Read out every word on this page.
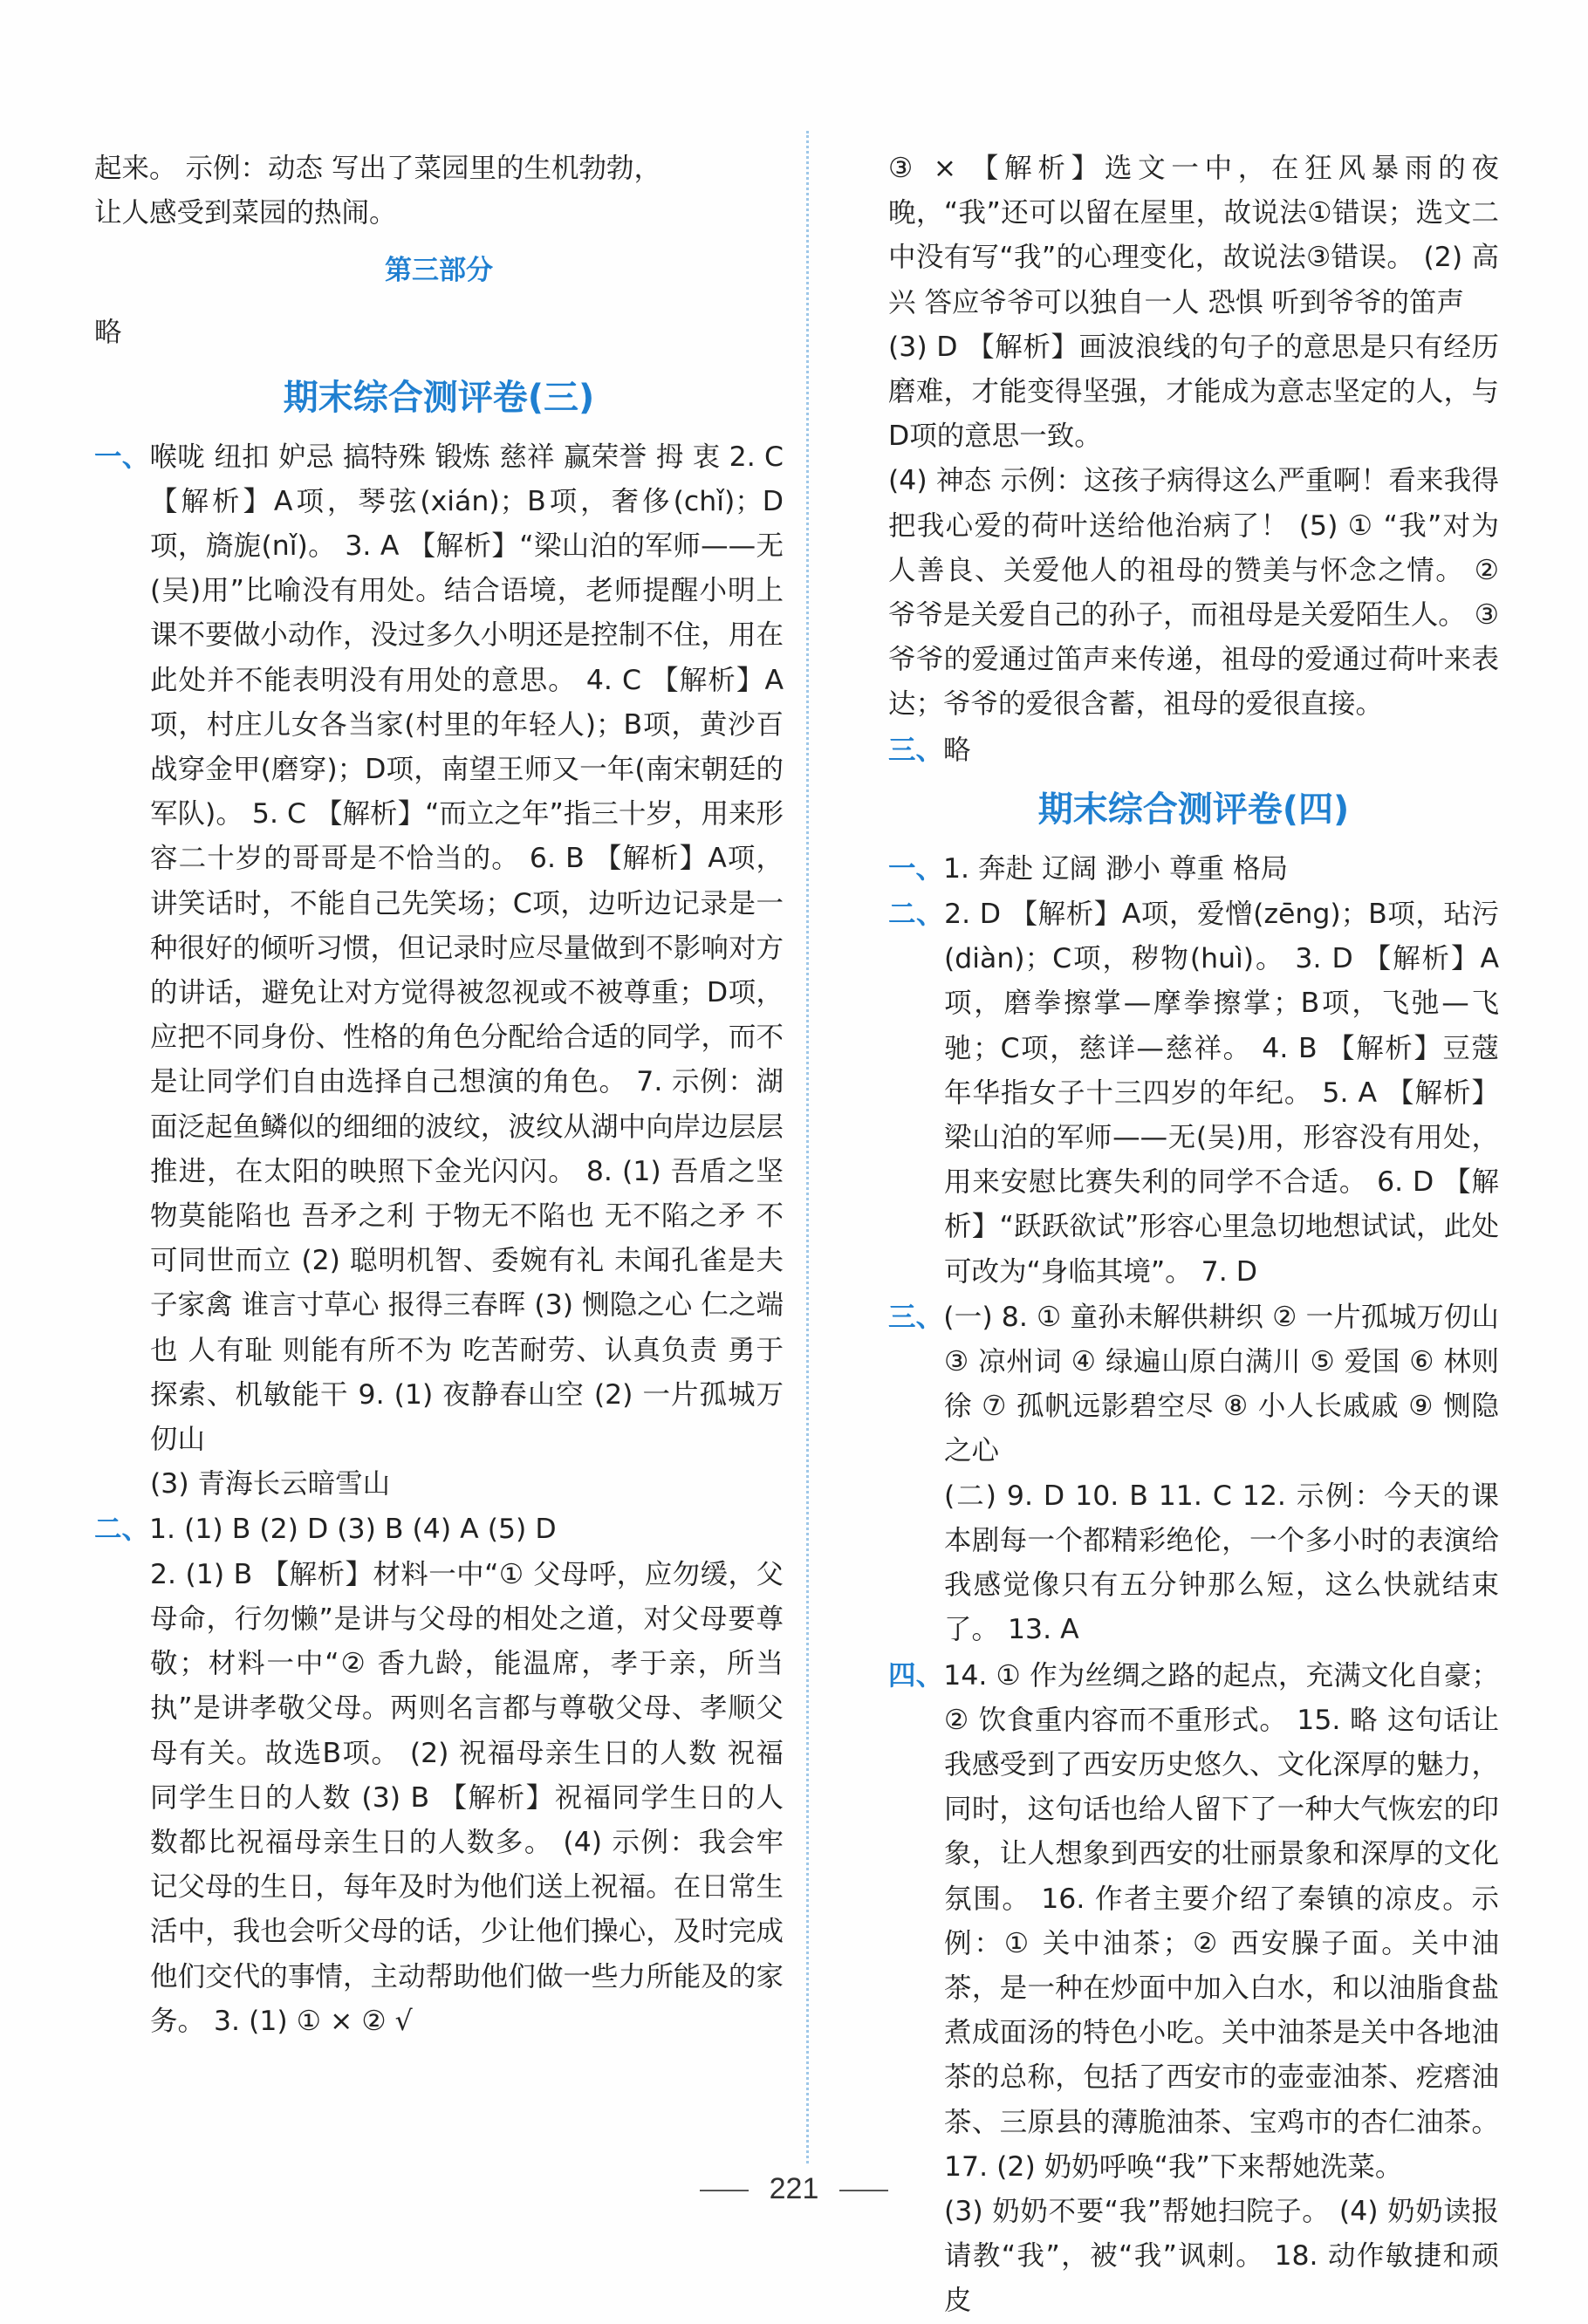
起来。 示例：动态 写出了菜园里的生机勃勃，

让人感受到菜园的热闹。

第三部分

略

期末综合测评卷(三)

一、喉咙 纽扣 妒忌 搞特殊 锻炼 慈祥 赢荣誉 拇 衷 2. C 【解析】A项，琴弦(xián)；B项，奢侈(chǐ)；D项，旖旎(nǐ)。 3. A 【解析】“梁山泊的军师——无(吴)用”比喻没有用处。结合语境，老师提醒小明上课不要做小动作，没过多久小明还是控制不住，用在此处并不能表明没有用处的意思。 4. C 【解析】A项，村庄儿女各当家(村里的年轻人)；B项，黄沙百战穿金甲(磨穿)；D项，南望王师又一年(南宋朝廷的军队)。 5. C 【解析】“而立之年”指三十岁，用来形容二十岁的哥哥是不恰当的。 6. B 【解析】A项，讲笑话时，不能自己先笑场；C项，边听边记录是一种很好的倾听习惯，但记录时应尽量做到不影响对方的讲话，避免让对方觉得被忽视或不被尊重；D项，应把不同身份、性格的角色分配给合适的同学，而不是让同学们自由选择自己想演的角色。 7. 示例：湖面泛起鱼鳞似的细细的波纹，波纹从湖中向岸边层层推进，在太阳的映照下金光闪闪。 8. (1) 吾盾之坚 物莫能陷也 吾矛之利 于物无不陷也 无不陷之矛 不可同世而立 (2) 聪明机智、委婉有礼 未闻孔雀是夫子家禽 谁言寸草心 报得三春晖 (3) 恻隐之心 仁之端也 人有耻 则能有所不为 吃苦耐劳、认真负责 勇于探索、机敏能干 9. (1) 夜静春山空 (2) 一片孤城万仞山

(3) 青海长云暗雪山

二、1. (1) B (2) D (3) B (4) A (5) D

2. (1) B 【解析】材料一中“① 父母呼，应勿缓，父母命，行勿懒”是讲与父母的相处之道，对父母要尊敬；材料一中“② 香九龄，能温席，孝于亲，所当执”是讲孝敬父母。两则名言都与尊敬父母、孝顺父母有关。故选B项。 (2) 祝福母亲生日的人数 祝福同学生日的人数 (3) B 【解析】祝福同学生日的人数都比祝福母亲生日的人数多。 (4) 示例：我会牢记父母的生日，每年及时为他们送上祝福。在日常生活中，我也会听父母的话，少让他们操心，及时完成他们交代的事情，主动帮助他们做一些力所能及的家务。 3. (1) ① × ② √

③ × 【解析】选文一中，在狂风暴雨的夜晚，“我”还可以留在屋里，故说法①错误；选文二中没有写“我”的心理变化，故说法③错误。 (2) 高兴 答应爷爷可以独自一人 恐惧 听到爷爷的笛声

(3) D 【解析】画波浪线的句子的意思是只有经历磨难，才能变得坚强，才能成为意志坚定的人，与D项的意思一致。

(4) 神态 示例：这孩子病得这么严重啊！看来我得把我心爱的荷叶送给他治病了！ (5) ① “我”对为人善良、关爱他人的祖母的赞美与怀念之情。 ② 爷爷是关爱自己的孙子，而祖母是关爱陌生人。 ③ 爷爷的爱通过笛声来传递，祖母的爱通过荷叶来表达；爷爷的爱很含蓄，祖母的爱很直接。

三、略

期末综合测评卷(四)

一、1. 奔赴 辽阔 渺小 尊重 格局

二、2. D 【解析】A项，爱憎(zēng)；B项，玷污(diàn)；C项，秽物(huì)。 3. D 【解析】A项，磨拳擦掌—摩拳擦掌；B项，飞弛—飞驰；C项，慈详—慈祥。 4. B 【解析】豆蔻年华指女子十三四岁的年纪。 5. A 【解析】梁山泊的军师——无(吴)用，形容没有用处，用来安慰比赛失利的同学不合适。 6. D 【解析】“跃跃欲试”形容心里急切地想试试，此处可改为“身临其境”。 7. D

三、(一) 8. ① 童孙未解供耕织 ② 一片孤城万仞山 ③ 凉州词 ④ 绿遍山原白满川 ⑤ 爱国 ⑥ 林则徐 ⑦ 孤帆远影碧空尽 ⑧ 小人长戚戚 ⑨ 恻隐之心

(二) 9. D 10. B 11. C 12. 示例：今天的课本剧每一个都精彩绝伦，一个多小时的表演给我感觉像只有五分钟那么短，这么快就结束了。 13. A

四、14. ① 作为丝绸之路的起点，充满文化自豪；② 饮食重内容而不重形式。 15. 略 这句话让我感受到了西安历史悠久、文化深厚的魅力，同时，这句话也给人留下了一种大气恢宏的印象，让人想象到西安的壮丽景象和深厚的文化氛围。 16. 作者主要介绍了秦镇的凉皮。示例：① 关中油茶；② 西安臊子面。关中油茶，是一种在炒面中加入白水，和以油脂食盐煮成面汤的特色小吃。关中油茶是关中各地油茶的总称，包括了西安市的壶壶油茶、疙瘩油茶、三原县的薄脆油茶、宝鸡市的杏仁油茶。 17. (2) 奶奶呼唤“我”下来帮她洗菜。

(3) 奶奶不要“我”帮她扫院子。 (4) 奶奶读报请教“我”，被“我”讽刺。 18. 动作敏捷和顽皮

221
